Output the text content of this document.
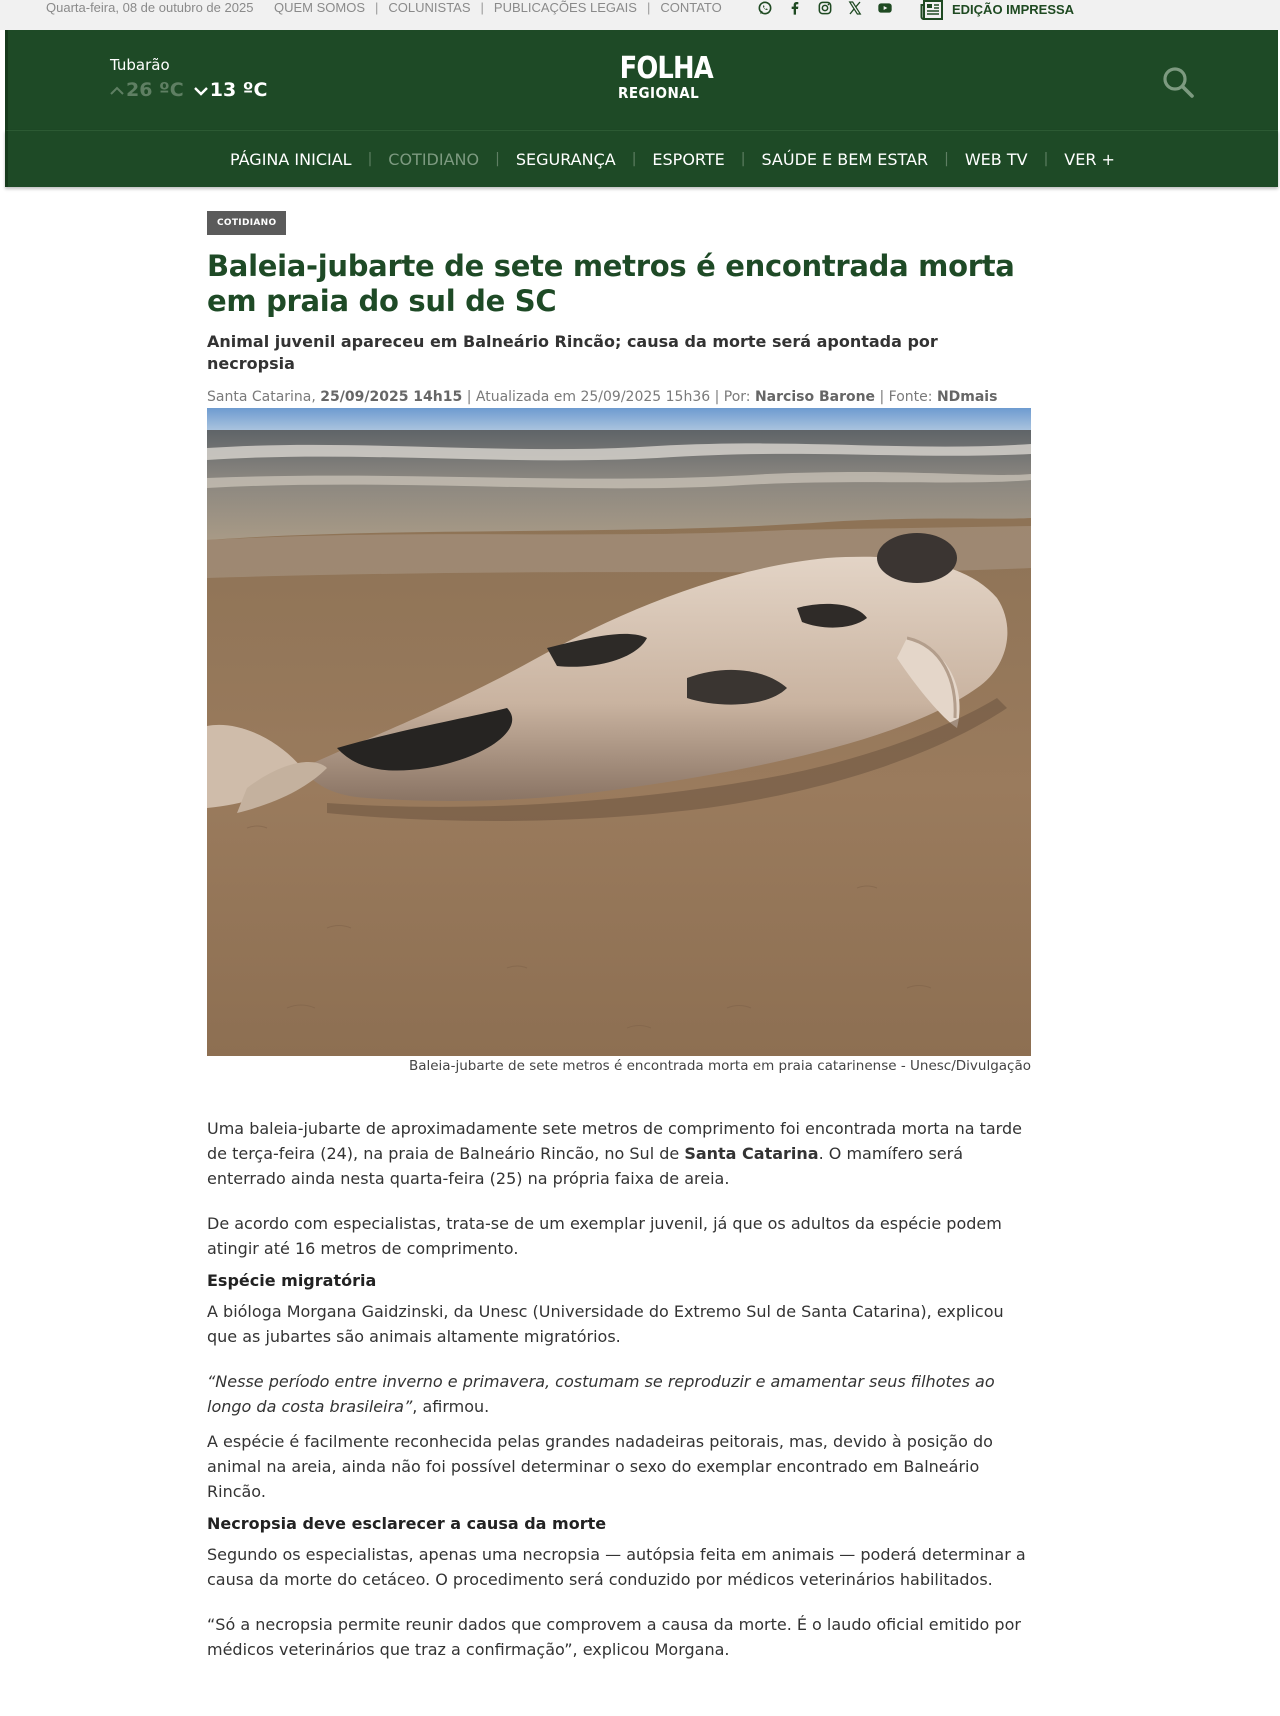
Quarta-feira, 08 de outubro de 2025 QUEM SOMOS | COLUNISTAS | PUBLICAÇÕES LEGAIS | CONTATO	EDIÇÃO IMPRESSA
Tubarão
26 ºC	13 ºC
FOLHA
REGIONAL
PÁGINA INICIAL | COTIDIANO | SEGURANÇA | ESPORTE | SAÚDE E BEM ESTAR | WEB TV | VER +
COTIDIANO
Baleia-jubarte de sete metros é encontrada morta em praia do sul de SC
Animal juvenil apareceu em Balneário Rincão; causa da morte será apontada por necropsia
Santa Catarina, 25/09/2025 14h15 | Atualizada em 25/09/2025 15h36 | Por: Narciso Barone | Fonte: NDmais
Baleia-jubarte de sete metros é encontrada morta em praia catarinense - Unesc/Divulgação

Uma baleia-jubarte de aproximadamente sete metros de comprimento foi encontrada morta na tarde de terça-feira (24), na praia de Balneário Rincão, no Sul de Santa Catarina. O mamífero será enterrado ainda nesta quarta-feira (25) na própria faixa de areia.

De acordo com especialistas, trata-se de um exemplar juvenil, já que os adultos da espécie podem atingir até 16 metros de comprimento.

Espécie migratória

A bióloga Morgana Gaidzinski, da Unesc (Universidade do Extremo Sul de Santa Catarina), explicou que as jubartes são animais altamente migratórios.

“Nesse período entre inverno e primavera, costumam se reproduzir e amamentar seus filhotes ao longo da costa brasileira”, afirmou.

A espécie é facilmente reconhecida pelas grandes nadadeiras peitorais, mas, devido à posição do animal na areia, ainda não foi possível determinar o sexo do exemplar encontrado em Balneário Rincão.

Necropsia deve esclarecer a causa da morte

Segundo os especialistas, apenas uma necropsia — autópsia feita em animais — poderá determinar a causa da morte do cetáceo. O procedimento será conduzido por médicos veterinários habilitados.

“Só a necropsia permite reunir dados que comprovem a causa da morte. É o laudo oficial emitido por médicos veterinários que traz a confirmação”, explicou Morgana.
